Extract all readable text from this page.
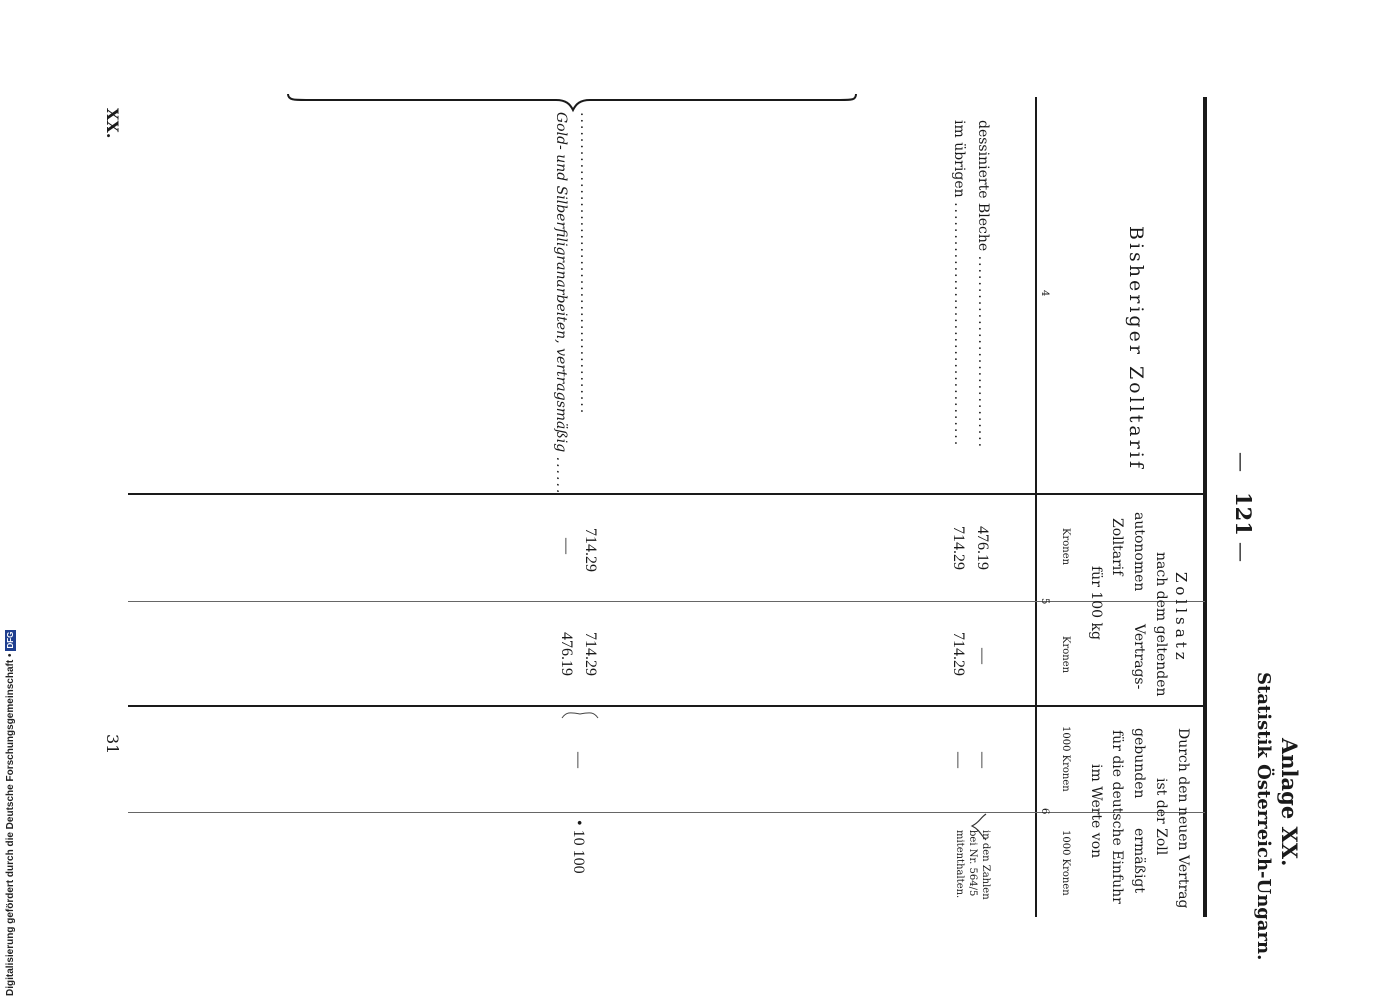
Anlage XX.
Statistik Österreich-Ungarn.
—
121
—
Bisheriger Zolltarif
4
Zollsatz
nach dem geltenden
autonomen
Vertrags-
Zolltarif
für 100 kg
Kronen
Kronen
5
Durch den neuen Vertrag
ist der Zoll
gebunden
ermäßigt
für die deutsche Einfuhr
im Werte von
1000 Kronen
1000 Kronen
6
dessinierte Bleche ..............................
476.19
—
—
in den Zahlen
bei Nr. 564/5
mitenthalten.
im übrigen ......................................
714.29
714.29
—
...............................................
Gold- und Silberfiligranarbeiten, vertragsmäßig ......
714.29
—
714.29
476.19
—
• 10 100
XX.
31
Digitalisierung gefördert durch die Deutsche Forschungsgemeinschaft •
DFG
